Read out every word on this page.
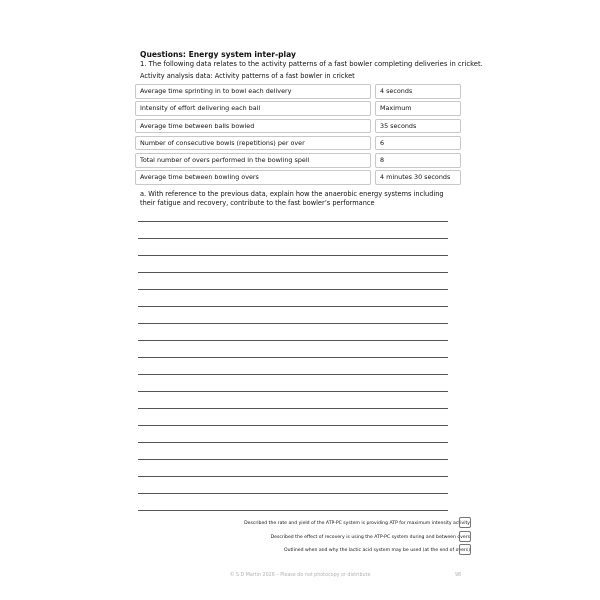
Questions: Energy system inter-play
1. The following data relates to the activity patterns of a fast bowler completing deliveries in cricket.
Activity analysis data: Activity patterns of a fast bowler in cricket
Average time sprinting in to bowl each delivery	4 seconds
Intensity of effort delivering each ball	Maximum
Average time between balls bowled	35 seconds
Number of consecutive bowls (repetitions) per over	6
Total number of overs performed in the bowling spell	8
Average time between bowling overs	4 minutes 30 seconds
a. With reference to the previous data, explain how the anaerobic energy systems including their fatigue and recovery, contribute to the fast bowler’s performance
Described the rate and yield of the ATP-PC system is providing ATP for maximum intensity activity
Described the effect of recovery is using the ATP-PC system during and between overs
Outlined when and why the lactic acid system may be used (at the end of overs)
© S D Martin 2026 – Please do not photocopy or distribute	98
